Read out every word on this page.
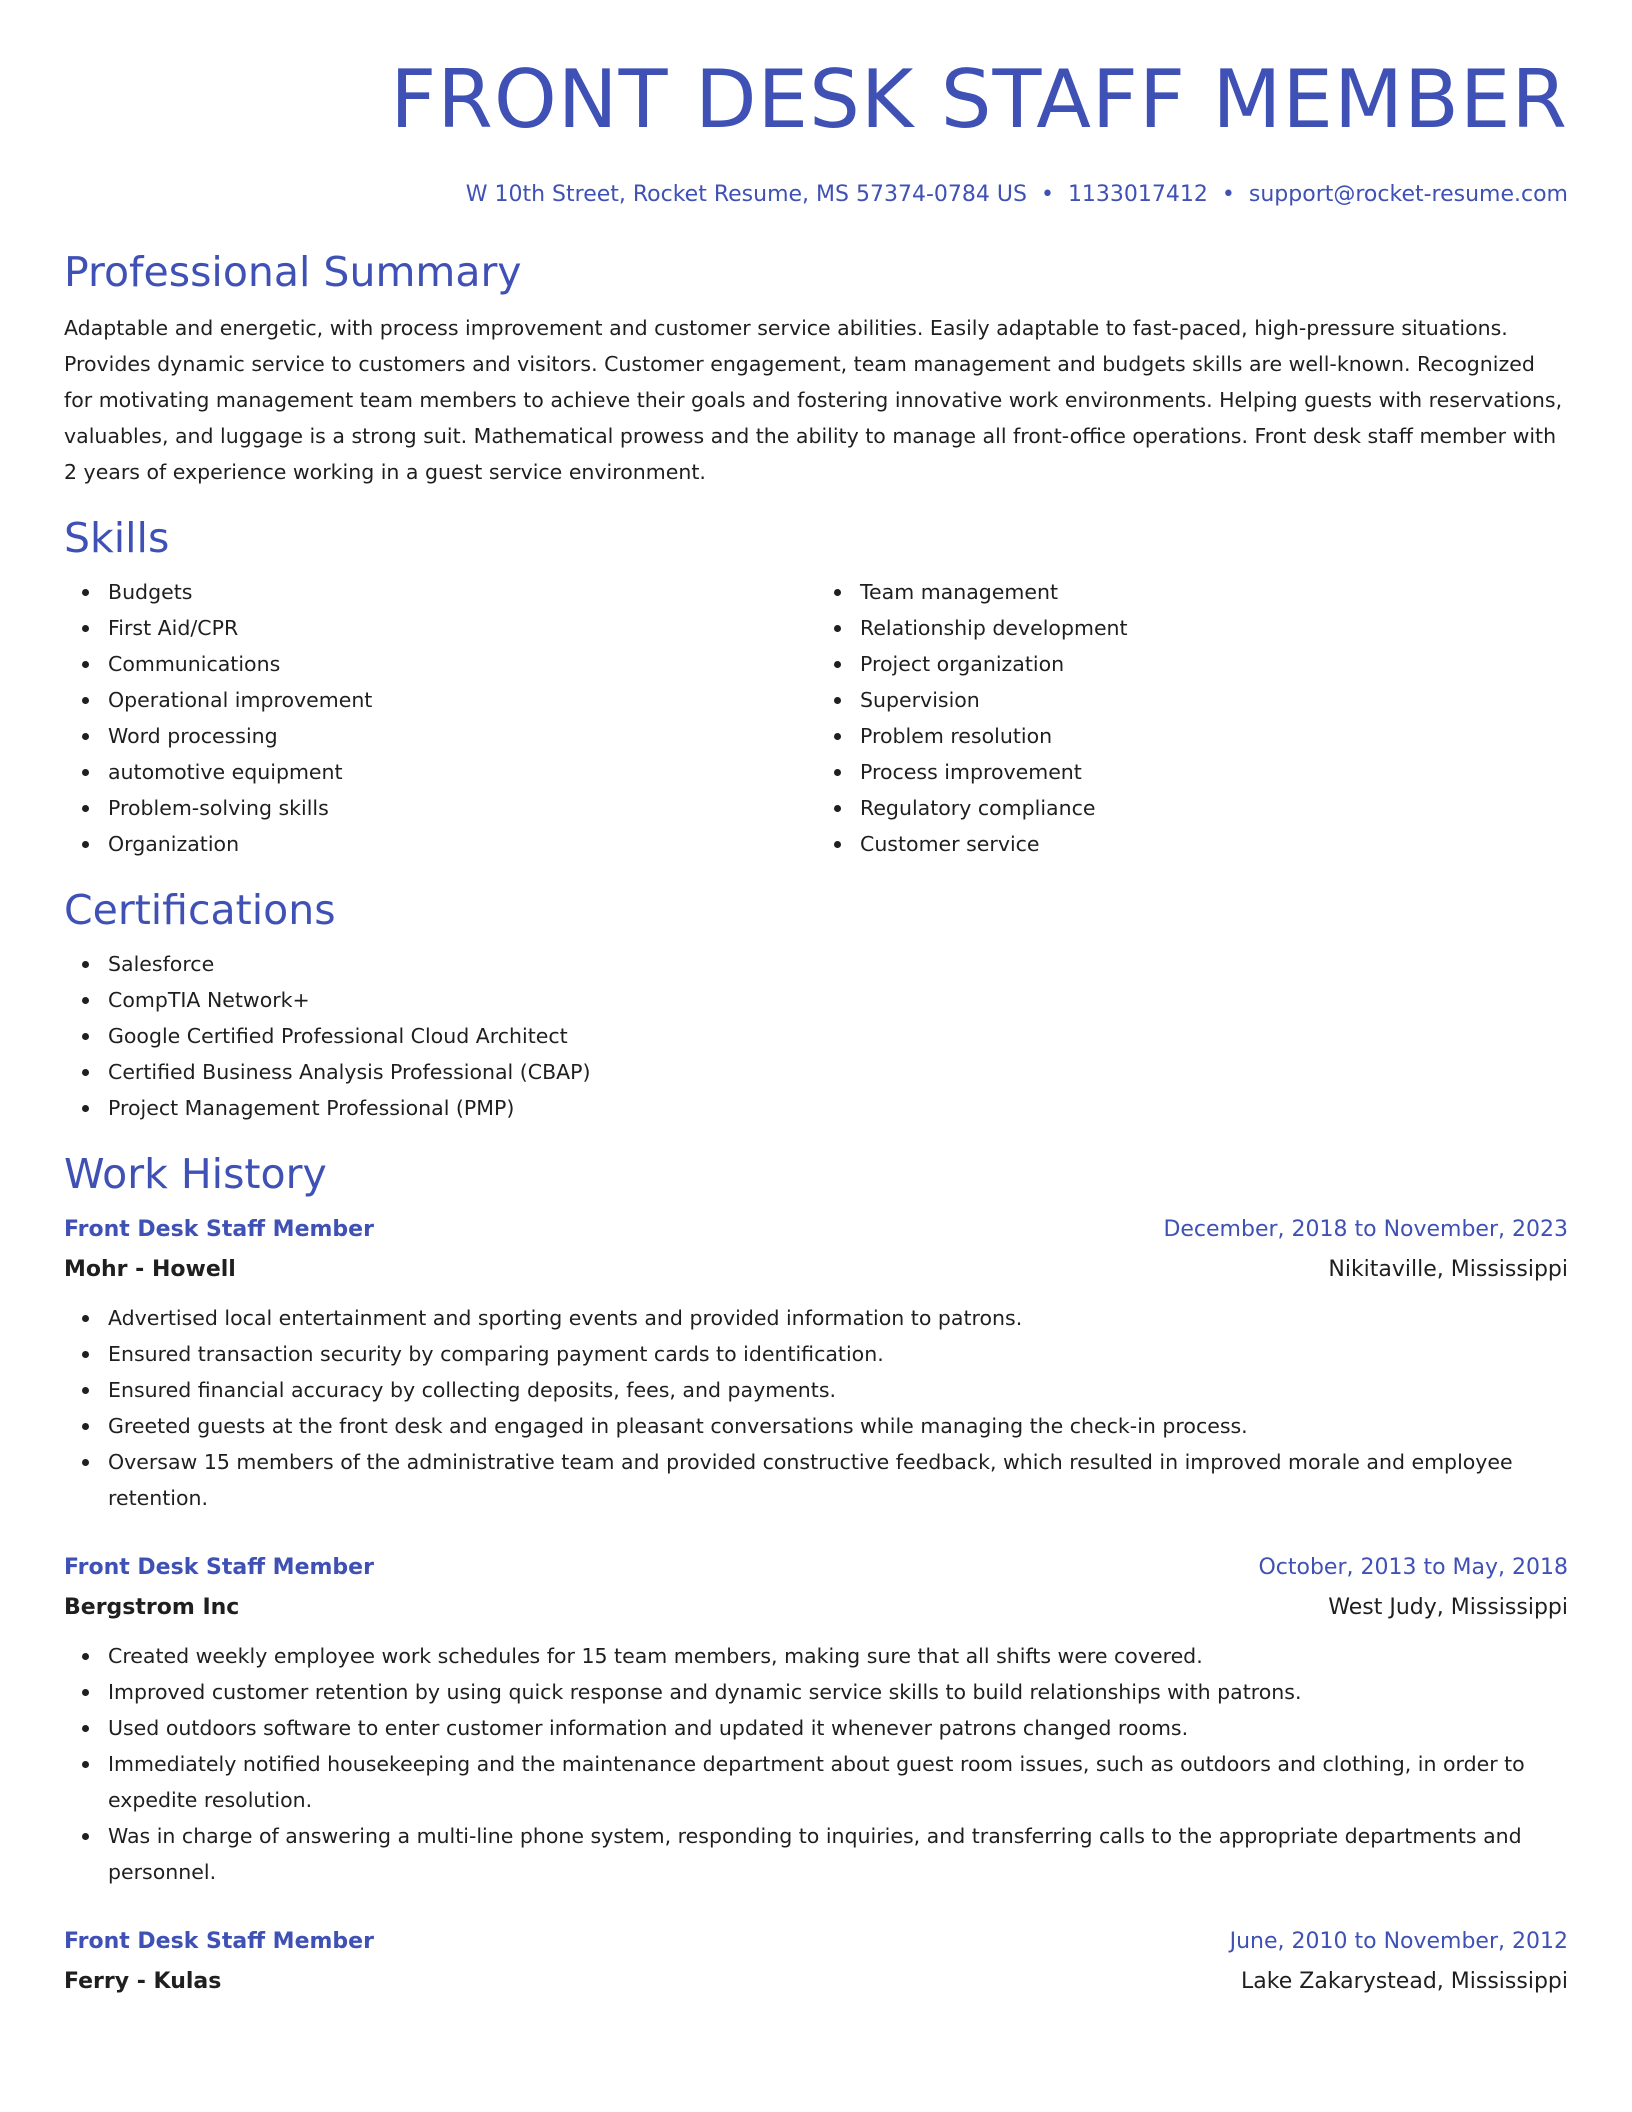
FRONT DESK STAFF MEMBER
W 10th Street, Rocket Resume, MS 57374-0784 US • 1133017412 • support@rocket-resume.com
Professional Summary
Adaptable and energetic, with process improvement and customer service abilities. Easily adaptable to fast-paced, high-pressure situations. Provides dynamic service to customers and visitors. Customer engagement, team management and budgets skills are well-known. Recognized for motivating management team members to achieve their goals and fostering innovative work environments. Helping guests with reservations, valuables, and luggage is a strong suit. Mathematical prowess and the ability to manage all front-office operations. Front desk staff member with 2 years of experience working in a guest service environment.
Skills
Budgets
First Aid/CPR
Communications
Operational improvement
Word processing
automotive equipment
Problem-solving skills
Organization
Team management
Relationship development
Project organization
Supervision
Problem resolution
Process improvement
Regulatory compliance
Customer service
Certifications
Salesforce
CompTIA Network+
Google Certified Professional Cloud Architect
Certified Business Analysis Professional (CBAP)
Project Management Professional (PMP)
Work History
Front Desk Staff Member	December, 2018 to November, 2023
Mohr - Howell	Nikitaville, Mississippi
Advertised local entertainment and sporting events and provided information to patrons.
Ensured transaction security by comparing payment cards to identification.
Ensured financial accuracy by collecting deposits, fees, and payments.
Greeted guests at the front desk and engaged in pleasant conversations while managing the check-in process.
Oversaw 15 members of the administrative team and provided constructive feedback, which resulted in improved morale and employee retention.
Front Desk Staff Member	October, 2013 to May, 2018
Bergstrom Inc	West Judy, Mississippi
Created weekly employee work schedules for 15 team members, making sure that all shifts were covered.
Improved customer retention by using quick response and dynamic service skills to build relationships with patrons.
Used outdoors software to enter customer information and updated it whenever patrons changed rooms.
Immediately notified housekeeping and the maintenance department about guest room issues, such as outdoors and clothing, in order to expedite resolution.
Was in charge of answering a multi-line phone system, responding to inquiries, and transferring calls to the appropriate departments and personnel.
Front Desk Staff Member	June, 2010 to November, 2012
Ferry - Kulas	Lake Zakarystead, Mississippi
